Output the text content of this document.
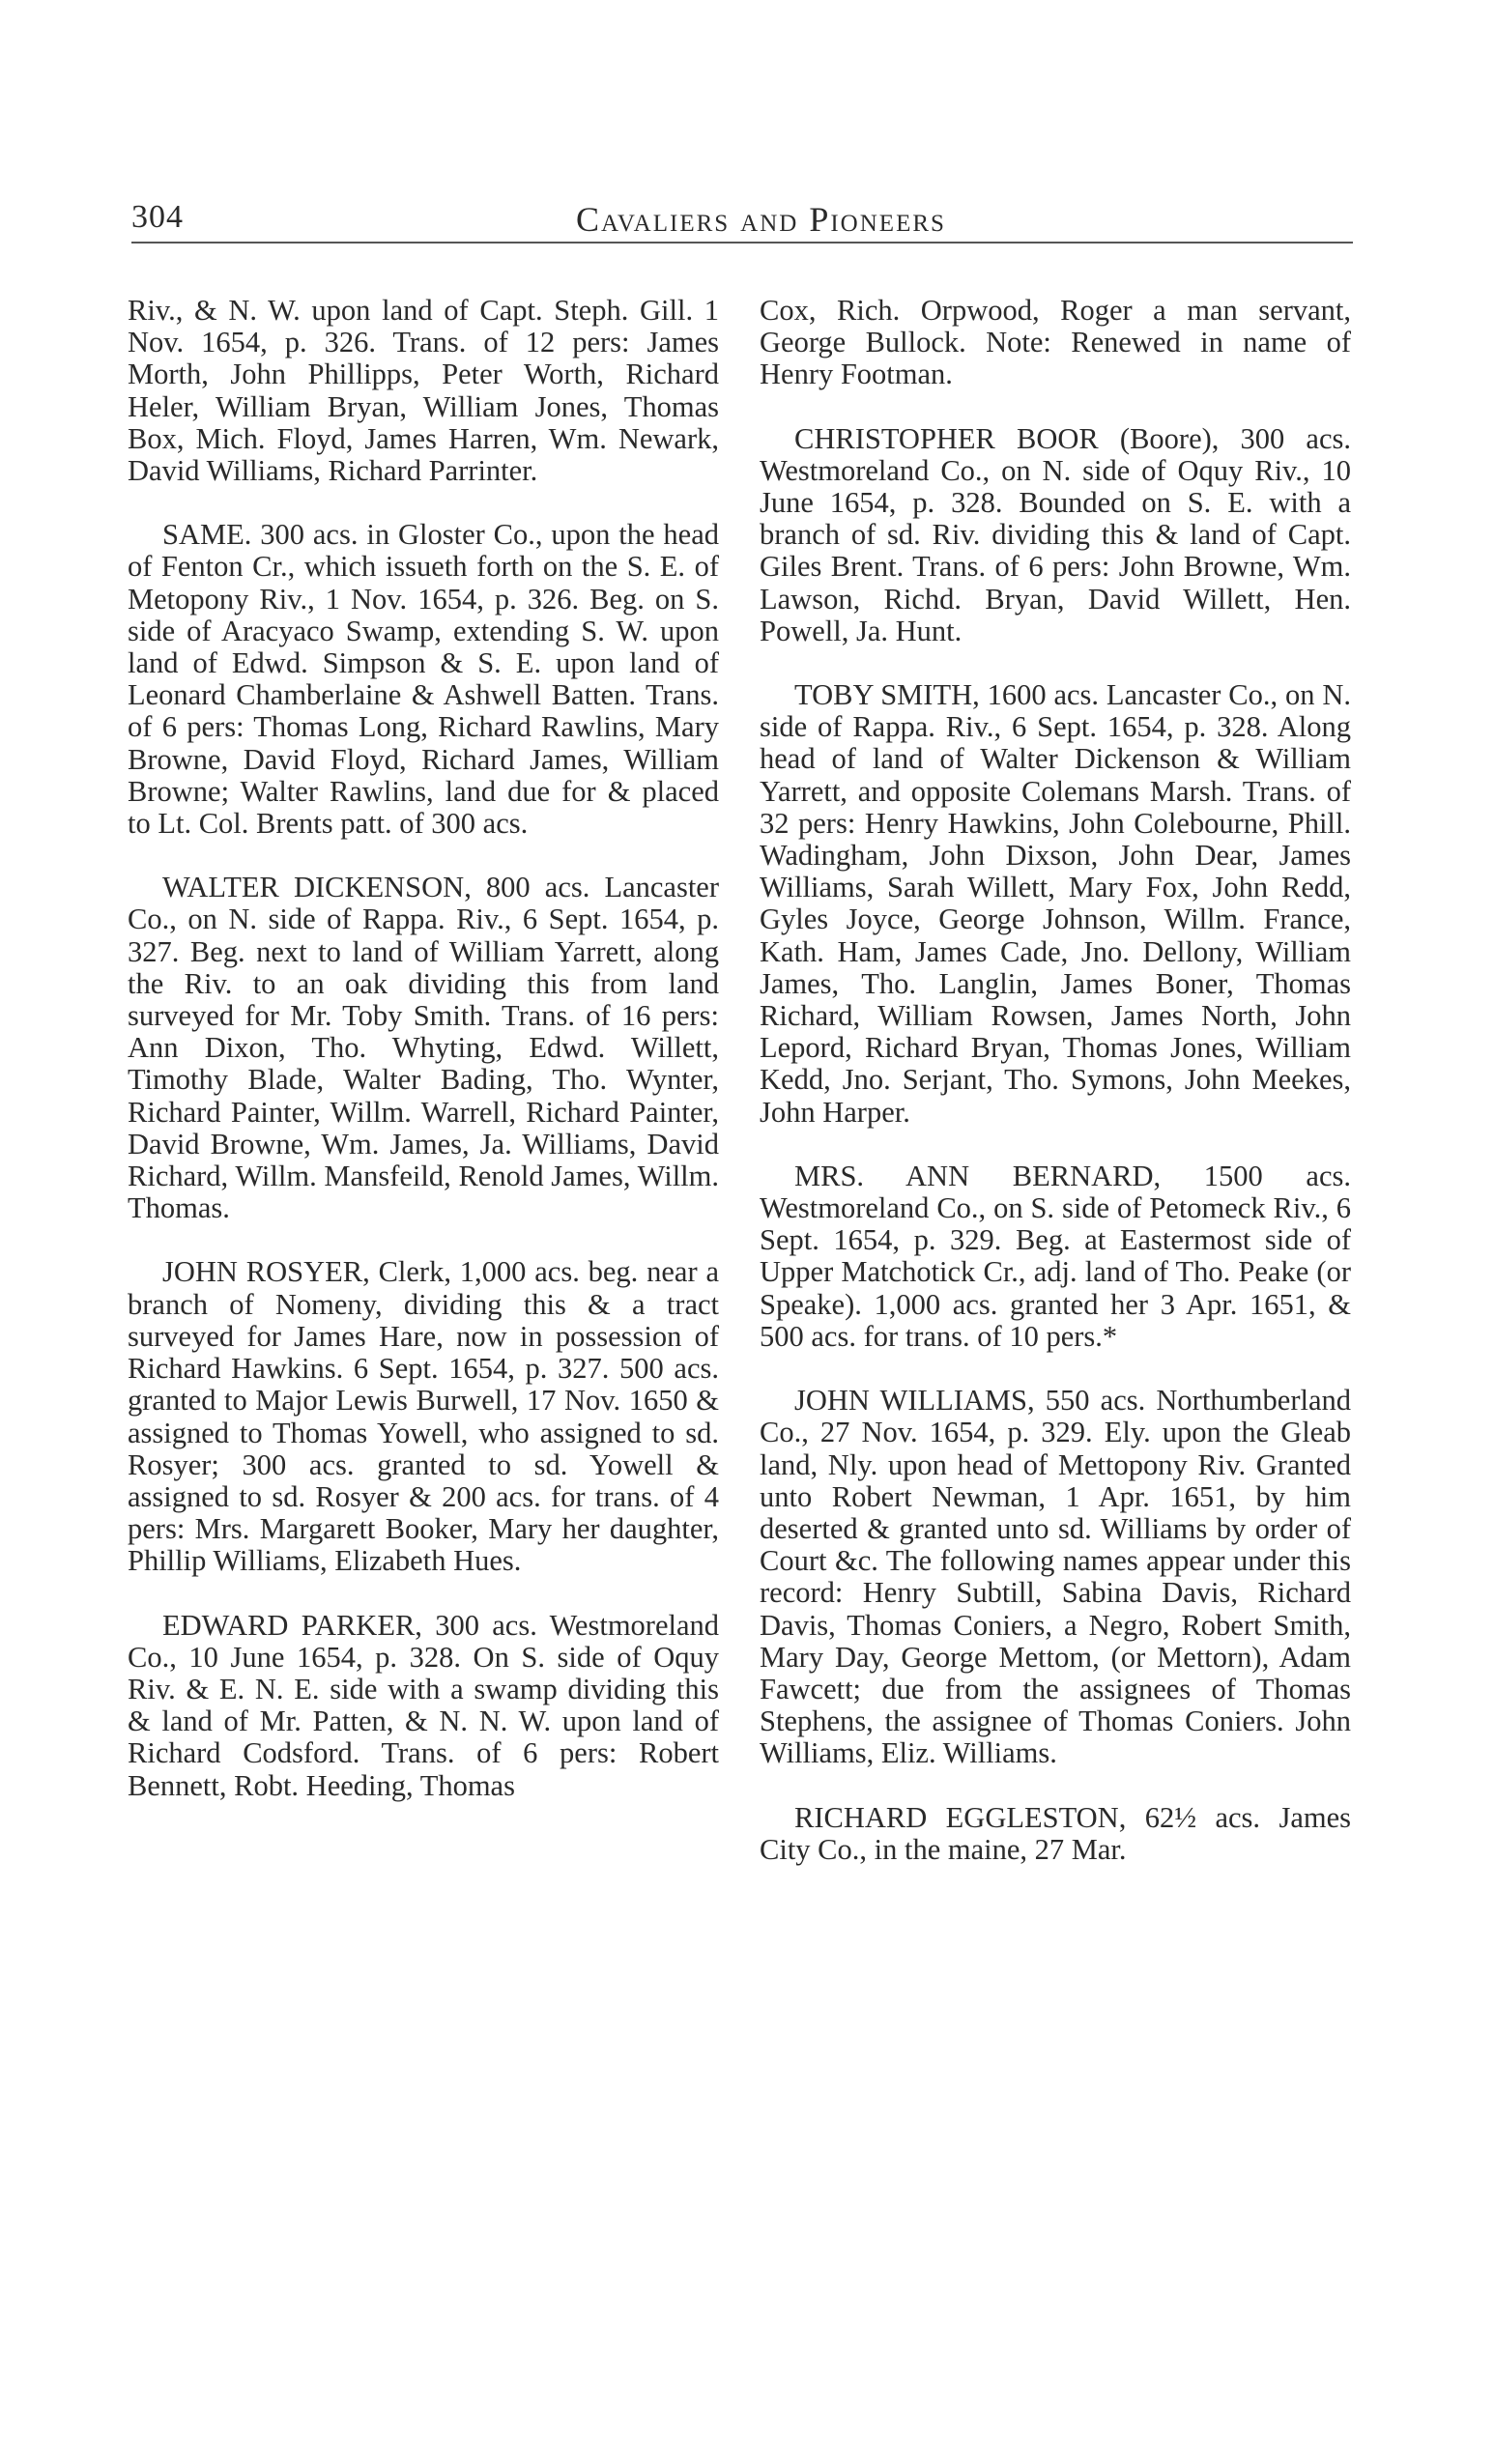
304	Cavaliers and Pioneers

Riv., & N. W. upon land of Capt. Steph. Gill. 1 Nov. 1654, p. 326. Trans. of 12 pers: James Morth, John Phillipps, Peter Worth, Richard Heler, William Bryan, William Jones, Thomas Box, Mich. Floyd, James Harren, Wm. Newark, David Williams, Richard Parrinter.

SAME. 300 acs. in Gloster Co., upon the head of Fenton Cr., which issueth forth on the S. E. of Metopony Riv., 1 Nov. 1654, p. 326. Beg. on S. side of Aracyaco Swamp, extending S. W. upon land of Edwd. Simpson & S. E. upon land of Leonard Chamberlaine & Ashwell Batten. Trans. of 6 pers: Thomas Long, Richard Rawlins, Mary Browne, David Floyd, Richard James, William Browne; Walter Rawlins, land due for & placed to Lt. Col. Brents patt. of 300 acs.

WALTER DICKENSON, 800 acs. Lancaster Co., on N. side of Rappa. Riv., 6 Sept. 1654, p. 327. Beg. next to land of William Yarrett, along the Riv. to an oak dividing this from land surveyed for Mr. Toby Smith. Trans. of 16 pers: Ann Dixon, Tho. Whyting, Edwd. Willett, Timothy Blade, Walter Bading, Tho. Wynter, Richard Painter, Willm. Warrell, Richard Painter, David Browne, Wm. James, Ja. Williams, David Richard, Willm. Mansfeild, Renold James, Willm. Thomas.

JOHN ROSYER, Clerk, 1,000 acs. beg. near a branch of Nomeny, dividing this & a tract surveyed for James Hare, now in possession of Richard Hawkins. 6 Sept. 1654, p. 327. 500 acs. granted to Major Lewis Burwell, 17 Nov. 1650 & assigned to Thomas Yowell, who assigned to sd. Rosyer; 300 acs. granted to sd. Yowell & assigned to sd. Rosyer & 200 acs. for trans. of 4 pers: Mrs. Margarett Booker, Mary her daughter, Phillip Williams, Elizabeth Hues.

EDWARD PARKER, 300 acs. Westmoreland Co., 10 June 1654, p. 328. On S. side of Oquy Riv. & E. N. E. side with a swamp dividing this & land of Mr. Patten, & N. N. W. upon land of Richard Codsford. Trans. of 6 pers: Robert Bennett, Robt. Heeding, Thomas

Cox, Rich. Orpwood, Roger a man servant, George Bullock. Note: Renewed in name of Henry Footman.

CHRISTOPHER BOOR (Boore), 300 acs. Westmoreland Co., on N. side of Oquy Riv., 10 June 1654, p. 328. Bounded on S. E. with a branch of sd. Riv. dividing this & land of Capt. Giles Brent. Trans. of 6 pers: John Browne, Wm. Lawson, Richd. Bryan, David Willett, Hen. Powell, Ja. Hunt.

TOBY SMITH, 1600 acs. Lancaster Co., on N. side of Rappa. Riv., 6 Sept. 1654, p. 328. Along head of land of Walter Dickenson & William Yarrett, and opposite Colemans Marsh. Trans. of 32 pers: Henry Hawkins, John Colebourne, Phill. Wadingham, John Dixson, John Dear, James Williams, Sarah Willett, Mary Fox, John Redd, Gyles Joyce, George Johnson, Willm. France, Kath. Ham, James Cade, Jno. Dellony, William James, Tho. Langlin, James Boner, Thomas Richard, William Rowsen, James North, John Lepord, Richard Bryan, Thomas Jones, William Kedd, Jno. Serjant, Tho. Symons, John Meekes, John Harper.

MRS. ANN BERNARD, 1500 acs. Westmoreland Co., on S. side of Petomeck Riv., 6 Sept. 1654, p. 329. Beg. at Eastermost side of Upper Matchotick Cr., adj. land of Tho. Peake (or Speake). 1,000 acs. granted her 3 Apr. 1651, & 500 acs. for trans. of 10 pers.*

JOHN WILLIAMS, 550 acs. Northumberland Co., 27 Nov. 1654, p. 329. Ely. upon the Gleab land, Nly. upon head of Mettopony Riv. Granted unto Robert Newman, 1 Apr. 1651, by him deserted & granted unto sd. Williams by order of Court &c. The following names appear under this record: Henry Subtill, Sabina Davis, Richard Davis, Thomas Coniers, a Negro, Robert Smith, Mary Day, George Mettom, (or Mettorn), Adam Fawcett; due from the assignees of Thomas Stephens, the assignee of Thomas Coniers. John Williams, Eliz. Williams.

RICHARD EGGLESTON, 62½ acs. James City Co., in the maine, 27 Mar.
